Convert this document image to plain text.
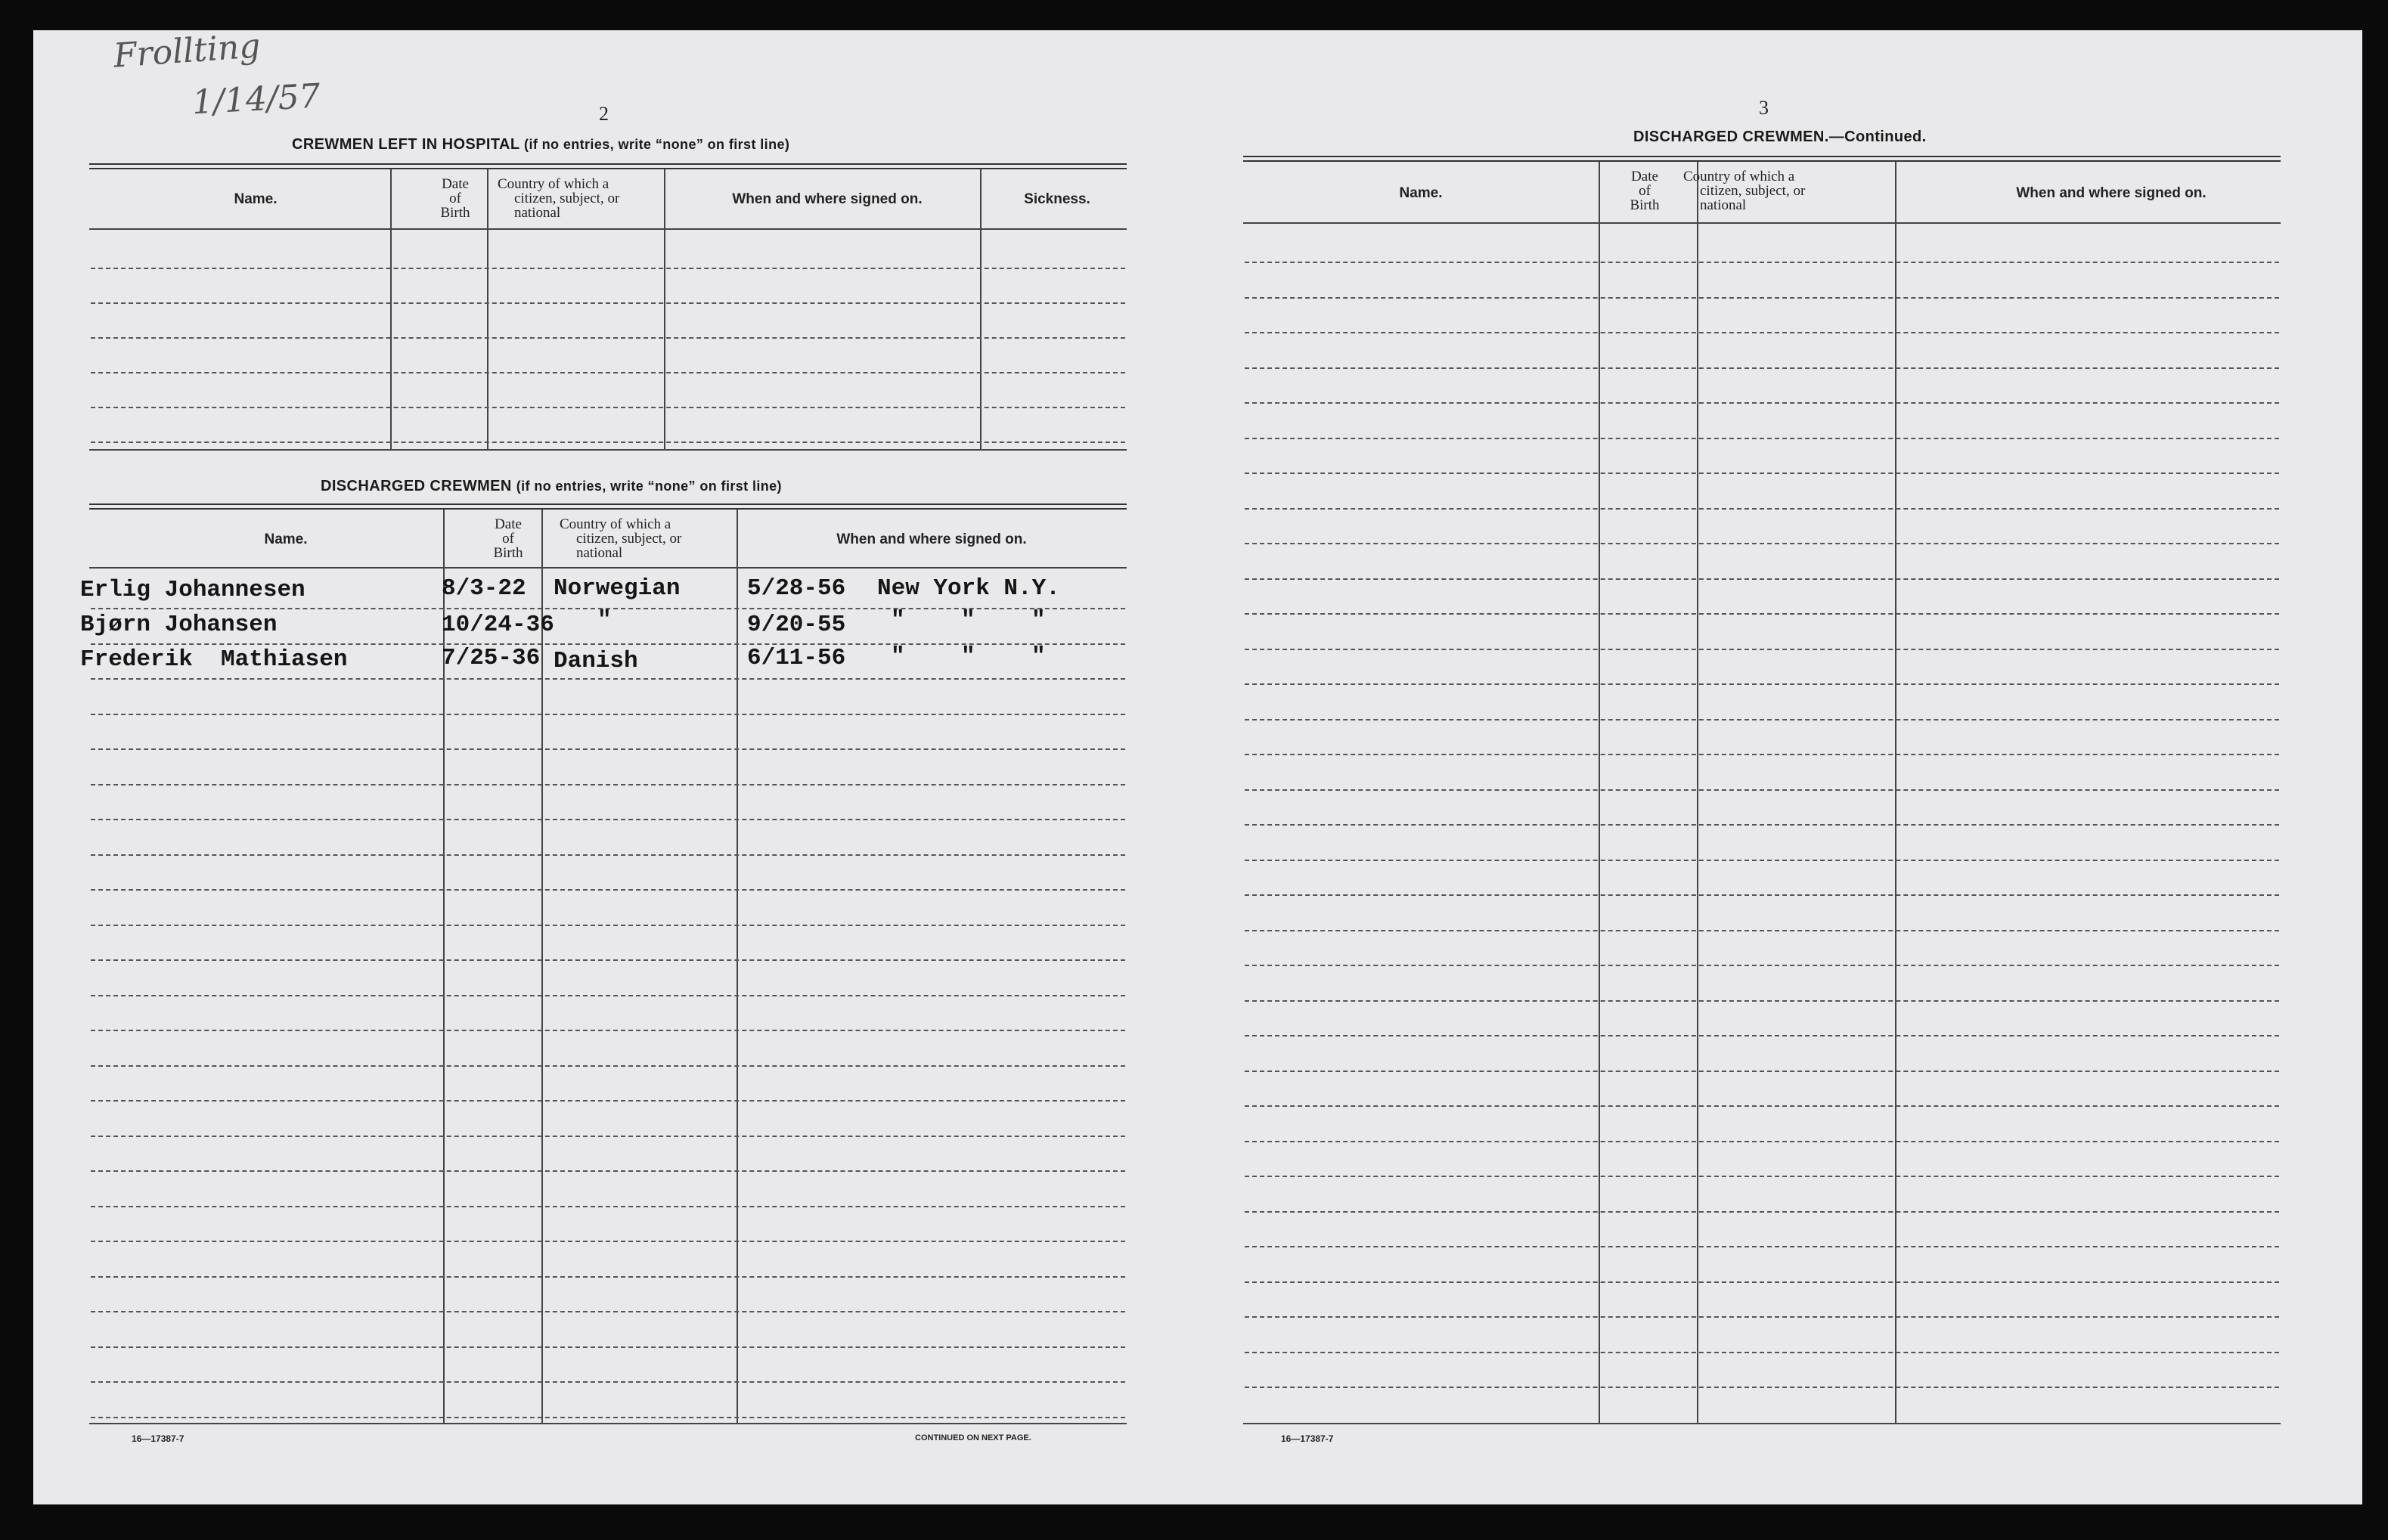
Frollting
1/14/57	2
CREWMEN LEFT IN HOSPITAL (if no entries, write “none” on first line)
Name.
Date
of
Birth
Country of which a
citizen, subject, or
national
When and where signed on.	Sickness.
DISCHARGED CREWMEN (if no entries, write “none” on first line)
Name.
Date
of
Birth
Country of which a
citizen, subject, or
national
When and where signed on.
Erlig Johannesen	8/3-22 Norwegian	5/28-56 New York N.Y.
Bjørn Johansen	10/24-36 "	9/20-55 "    "    "
Frederik  Mathiasen	7/25-36 Danish	6/11-56 "    "    "
16—17387-7	CONTINUED ON NEXT PAGE.
3
DISCHARGED CREWMEN.—Continued.
Name.
Date
of
Birth
Country of which a
citizen, subject, or
national
When and where signed on.
16—17387-7
